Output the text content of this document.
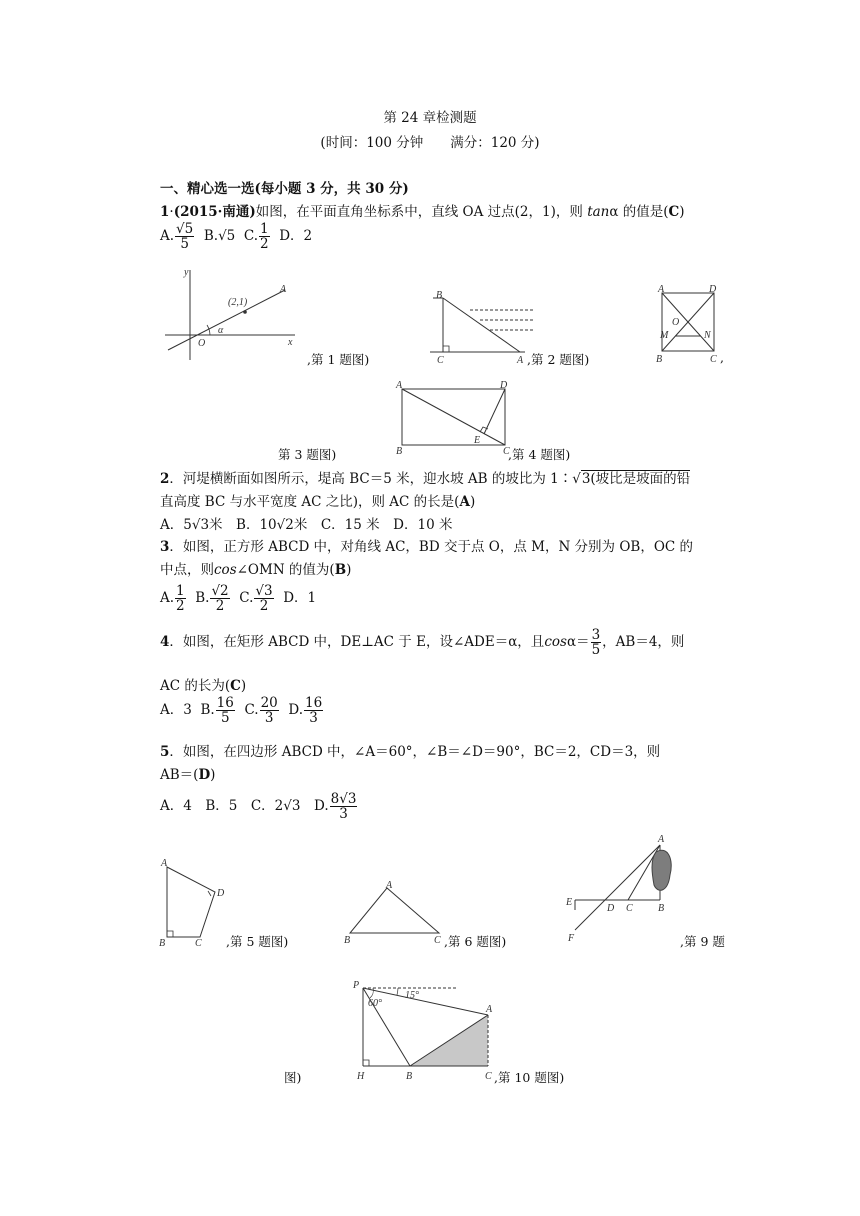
第 24 章检测题
(时间：100 分钟　　满分：120 分)
一、精心选一选(每小题 3 分，共 30 分)
1·(2015·南通)如图，在平面直角坐标系中，直线 OA 过点(2，1)，则 tanα 的值是(C)
A. $\frac{√5}{5} B.√5$ C. $\frac{1}{2}$ D．2
y
x
O
A
(2,1)
α
,第 1 题图)
B
C	A ,第 2 题图)
A	D
O
M	N
B	C ,
第 3 题图)
A	D
E
B	C
,第 4 题图)
2．河堤横断面如图所示，堤高 BC＝5 米，迎水坡 AB 的坡比为 1∶ √ 3(坡比是坡面的铅
直高度 BC 与水平宽度 AC 之比)，则 AC 的长是(A)
A．5 √ 3米　B．10 √ 2米　C．15 米　D．10 米
3．如图，正方形 ABCD 中，对角线 AC，BD 交于点 O，点 M，N 分别为 OB，OC 的
中点，则cos∠OMN 的值为(B)
A. $\frac{1}{2} B$. $\frac{√2}{2} C$. $\frac{√3}{2}$ D．1
4．如图，在矩形 ABCD 中，DE⊥AC 于 E，设∠ADE＝α，且$\cos\alpha= \frac{3}{5}$ ，AB＝4，则
AC 的长为(C)
A．3 B. $\frac{16}{5} C$. $\frac{20}{3} D$. $\frac{16}{3}$
5．如图，在四边形 ABCD 中，∠A＝60°，∠B＝∠D＝90°，BC＝2，CD＝3，则
AB＝(D)
A．4　B．5　C．2 √ 3　D. $\frac{8√3}{3}$
A
D
B	C ,第 5 题图)
A
B	C ,第 6 题图)
A
E
D C	B
F	,第 9 题
图)
P
60°
15°
A
H	B	C ,第 10 题图)
